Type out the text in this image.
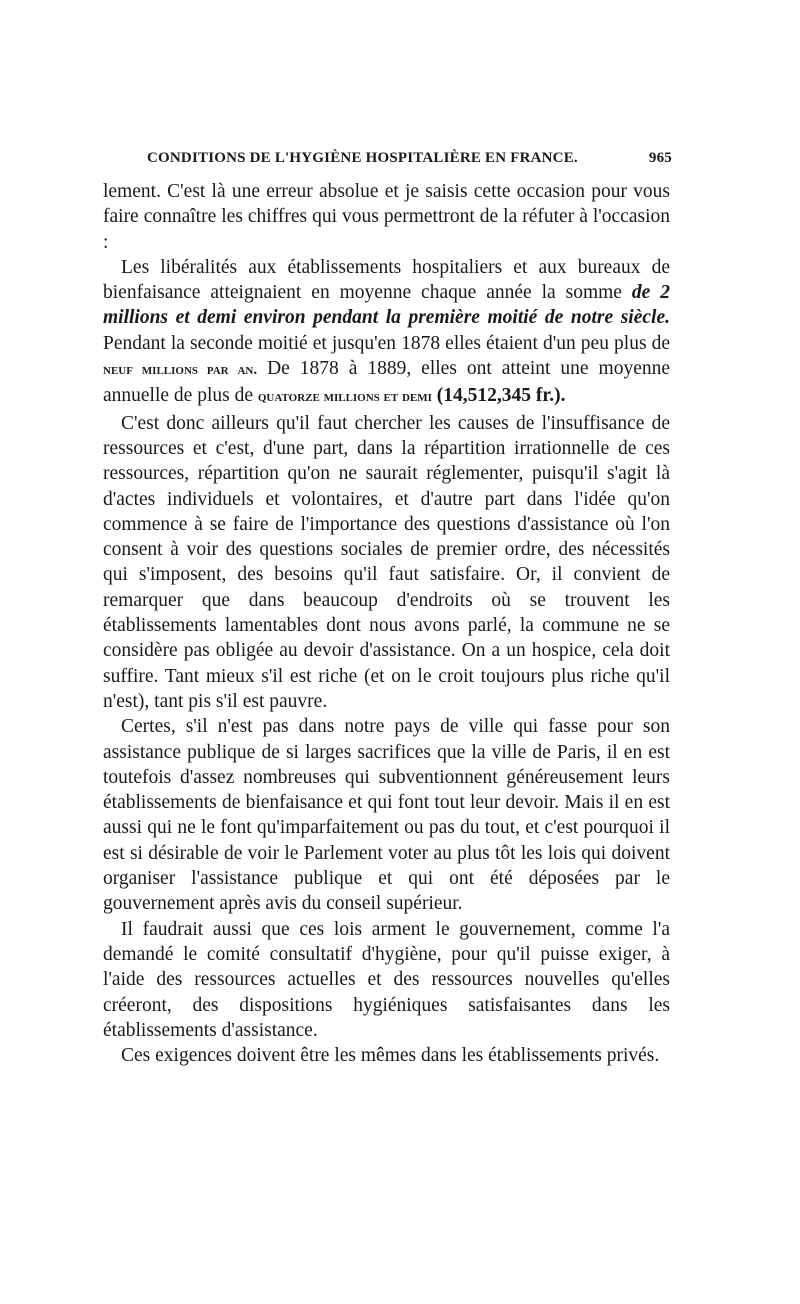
CONDITIONS DE L'HYGIÈNE HOSPITALIÈRE EN FRANCE.	965

lement. C'est là une erreur absolue et je saisis cette occasion pour vous faire connaître les chiffres qui vous permettront de la réfuter à l'occasion :

Les libéralités aux établissements hospitaliers et aux bureaux de bienfaisance atteignaient en moyenne chaque année la somme de 2 millions et demi environ pendant la première moitié de notre siècle. Pendant la seconde moitié et jusqu'en 1878 elles étaient d'un peu plus de neuf millions par an. De 1878 à 1889, elles ont atteint une moyenne annuelle de plus de quatorze millions et demi (14,512,345 fr.).

C'est donc ailleurs qu'il faut chercher les causes de l'insuffisance de ressources et c'est, d'une part, dans la répartition irrationnelle de ces ressources, répartition qu'on ne saurait réglementer, puisqu'il s'agit là d'actes individuels et volontaires, et d'autre part dans l'idée qu'on commence à se faire de l'importance des questions d'assistance où l'on consent à voir des questions sociales de premier ordre, des nécessités qui s'imposent, des besoins qu'il faut satisfaire. Or, il convient de remarquer que dans beaucoup d'endroits où se trouvent les établissements lamentables dont nous avons parlé, la commune ne se considère pas obligée au devoir d'assistance. On a un hospice, cela doit suffire. Tant mieux s'il est riche (et on le croit toujours plus riche qu'il n'est), tant pis s'il est pauvre.

Certes, s'il n'est pas dans notre pays de ville qui fasse pour son assistance publique de si larges sacrifices que la ville de Paris, il en est toutefois d'assez nombreuses qui subventionnent généreusement leurs établissements de bienfaisance et qui font tout leur devoir. Mais il en est aussi qui ne le font qu'imparfaitement ou pas du tout, et c'est pourquoi il est si désirable de voir le Parlement voter au plus tôt les lois qui doivent organiser l'assistance publique et qui ont été déposées par le gouvernement après avis du conseil supérieur.

Il faudrait aussi que ces lois arment le gouvernement, comme l'a demandé le comité consultatif d'hygiène, pour qu'il puisse exiger, à l'aide des ressources actuelles et des ressources nouvelles qu'elles créeront, des dispositions hygiéniques satisfaisantes dans les établissements d'assistance.

Ces exigences doivent être les mêmes dans les établissements privés.
